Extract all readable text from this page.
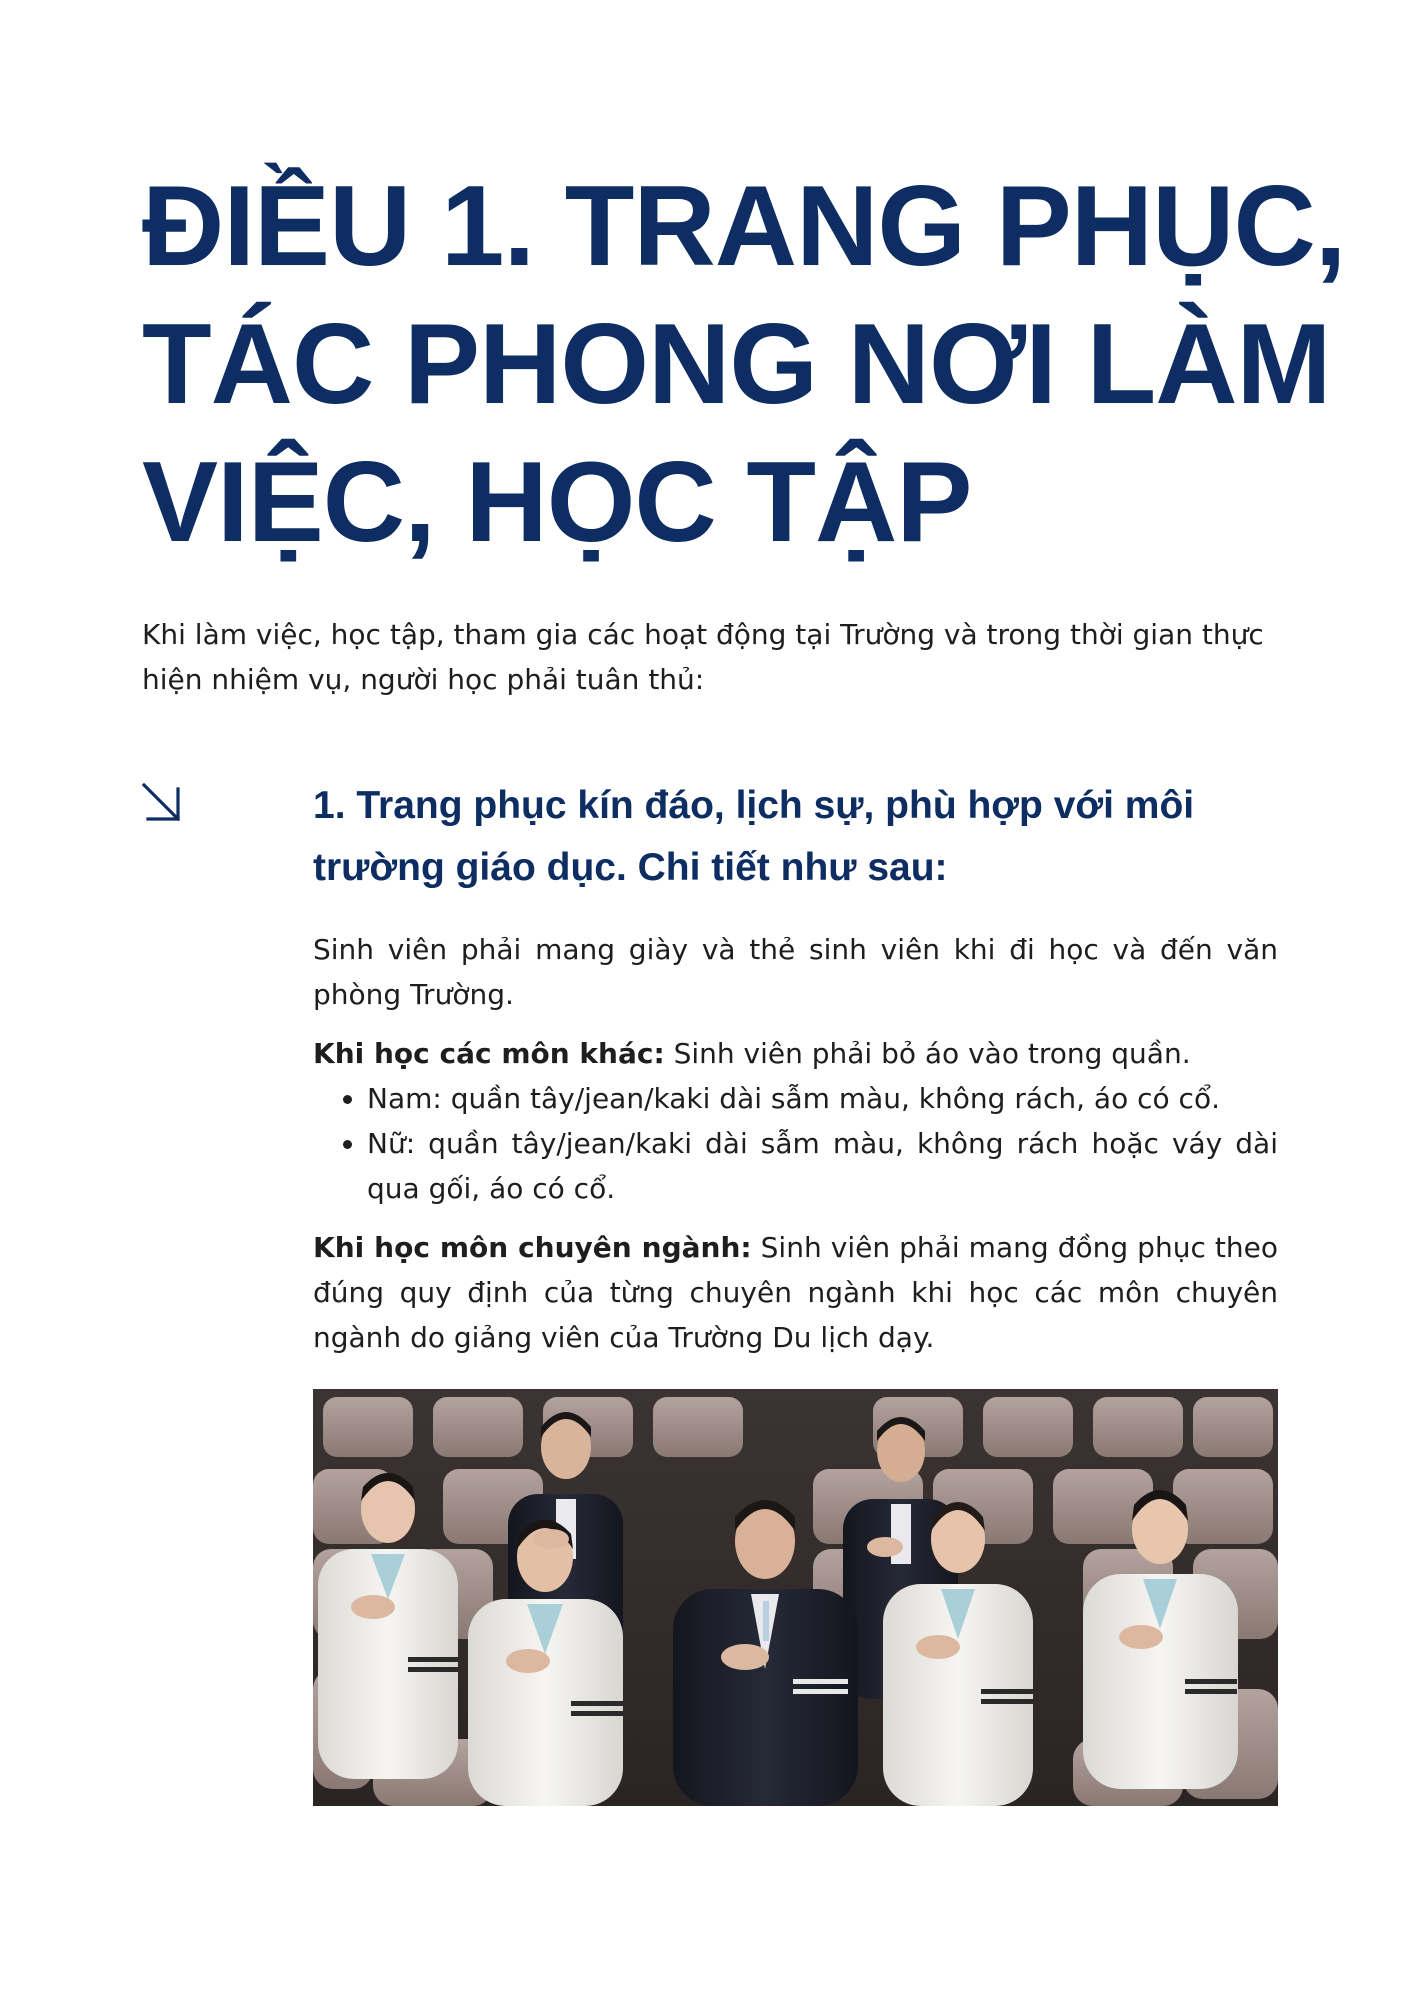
ĐIỀU 1. TRANG PHỤC,
TÁC PHONG NƠI LÀM
VIỆC, HỌC TẬP

Khi làm việc, học tập, tham gia các hoạt động tại Trường và trong thời gian thực hiện nhiệm vụ, người học phải tuân thủ:

1. Trang phục kín đáo, lịch sự, phù hợp với môi trường giáo dục. Chi tiết như sau:

Sinh viên phải mang giày và thẻ sinh viên khi đi học và đến văn phòng Trường.

Khi học các môn khác: Sinh viên phải bỏ áo vào trong quần.

• Nam: quần tây/jean/kaki dài sẫm màu, không rách, áo có cổ.
• Nữ: quần tây/jean/kaki dài sẫm màu, không rách hoặc váy dài qua gối, áo có cổ.

Khi học môn chuyên ngành: Sinh viên phải mang đồng phục theo đúng quy định của từng chuyên ngành khi học các môn chuyên ngành do giảng viên của Trường Du lịch dạy.
